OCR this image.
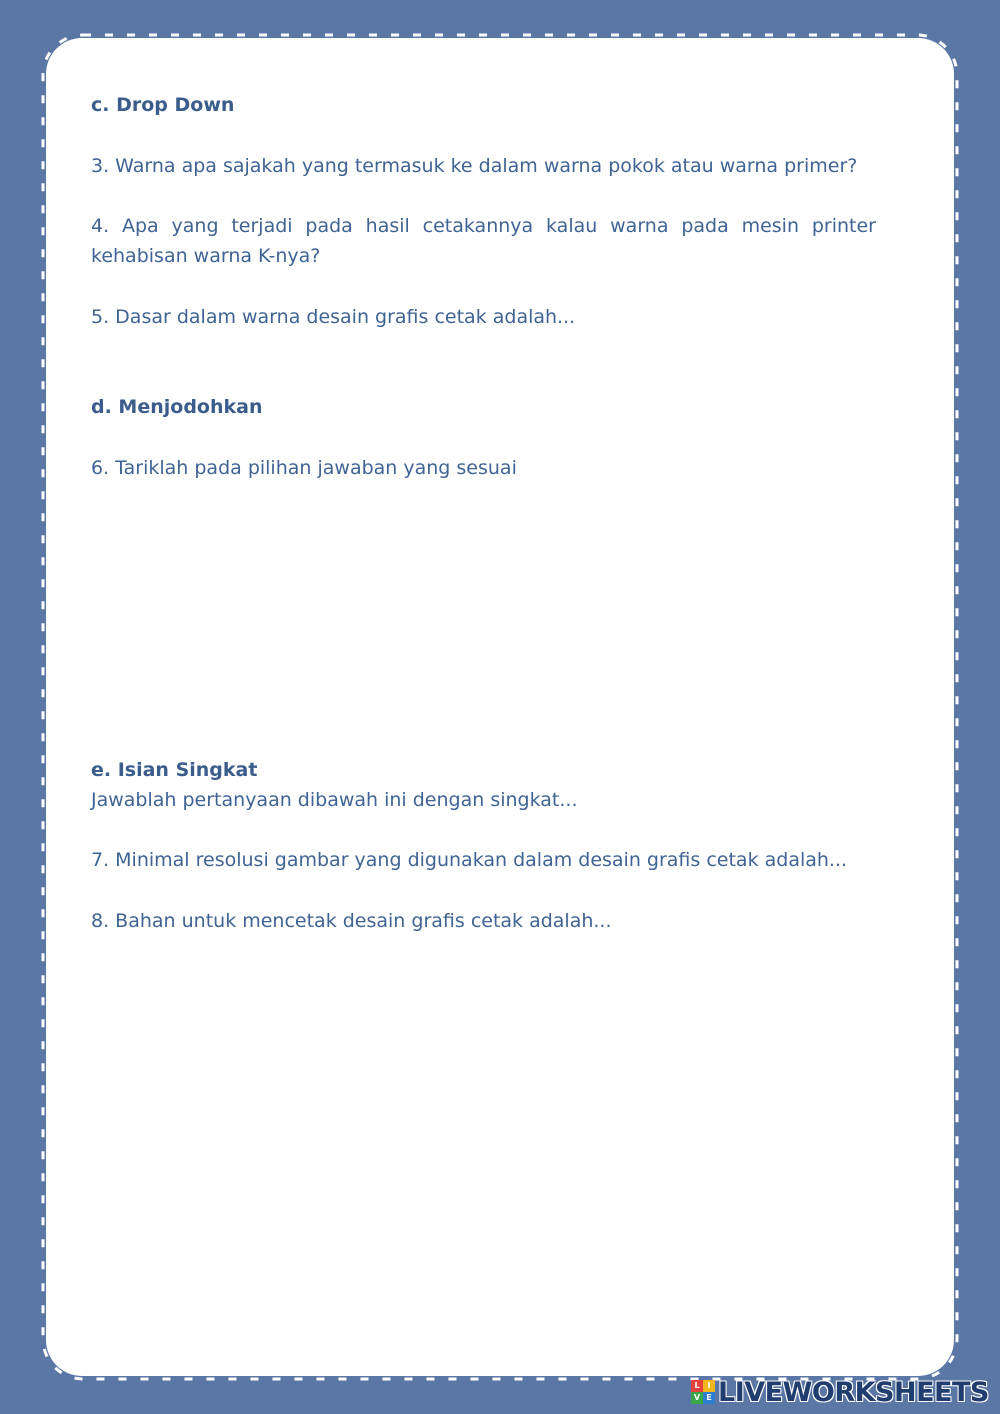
c. Drop Down

3. Warna apa sajakah yang termasuk ke dalam warna pokok atau warna primer?

4. Apa yang terjadi pada hasil cetakannya kalau warna pada mesin printer kehabisan warna K-nya?

5. Dasar dalam warna desain grafis cetak adalah...

d. Menjodohkan

6. Tariklah pada pilihan jawaban yang sesuai

e. Isian Singkat

Jawablah pertanyaan dibawah ini dengan singkat...

7. Minimal resolusi gambar yang digunakan dalam desain grafis cetak adalah...

8. Bahan untuk mencetak desain grafis cetak adalah...

L I
V E LIVEWORKSHEETS
